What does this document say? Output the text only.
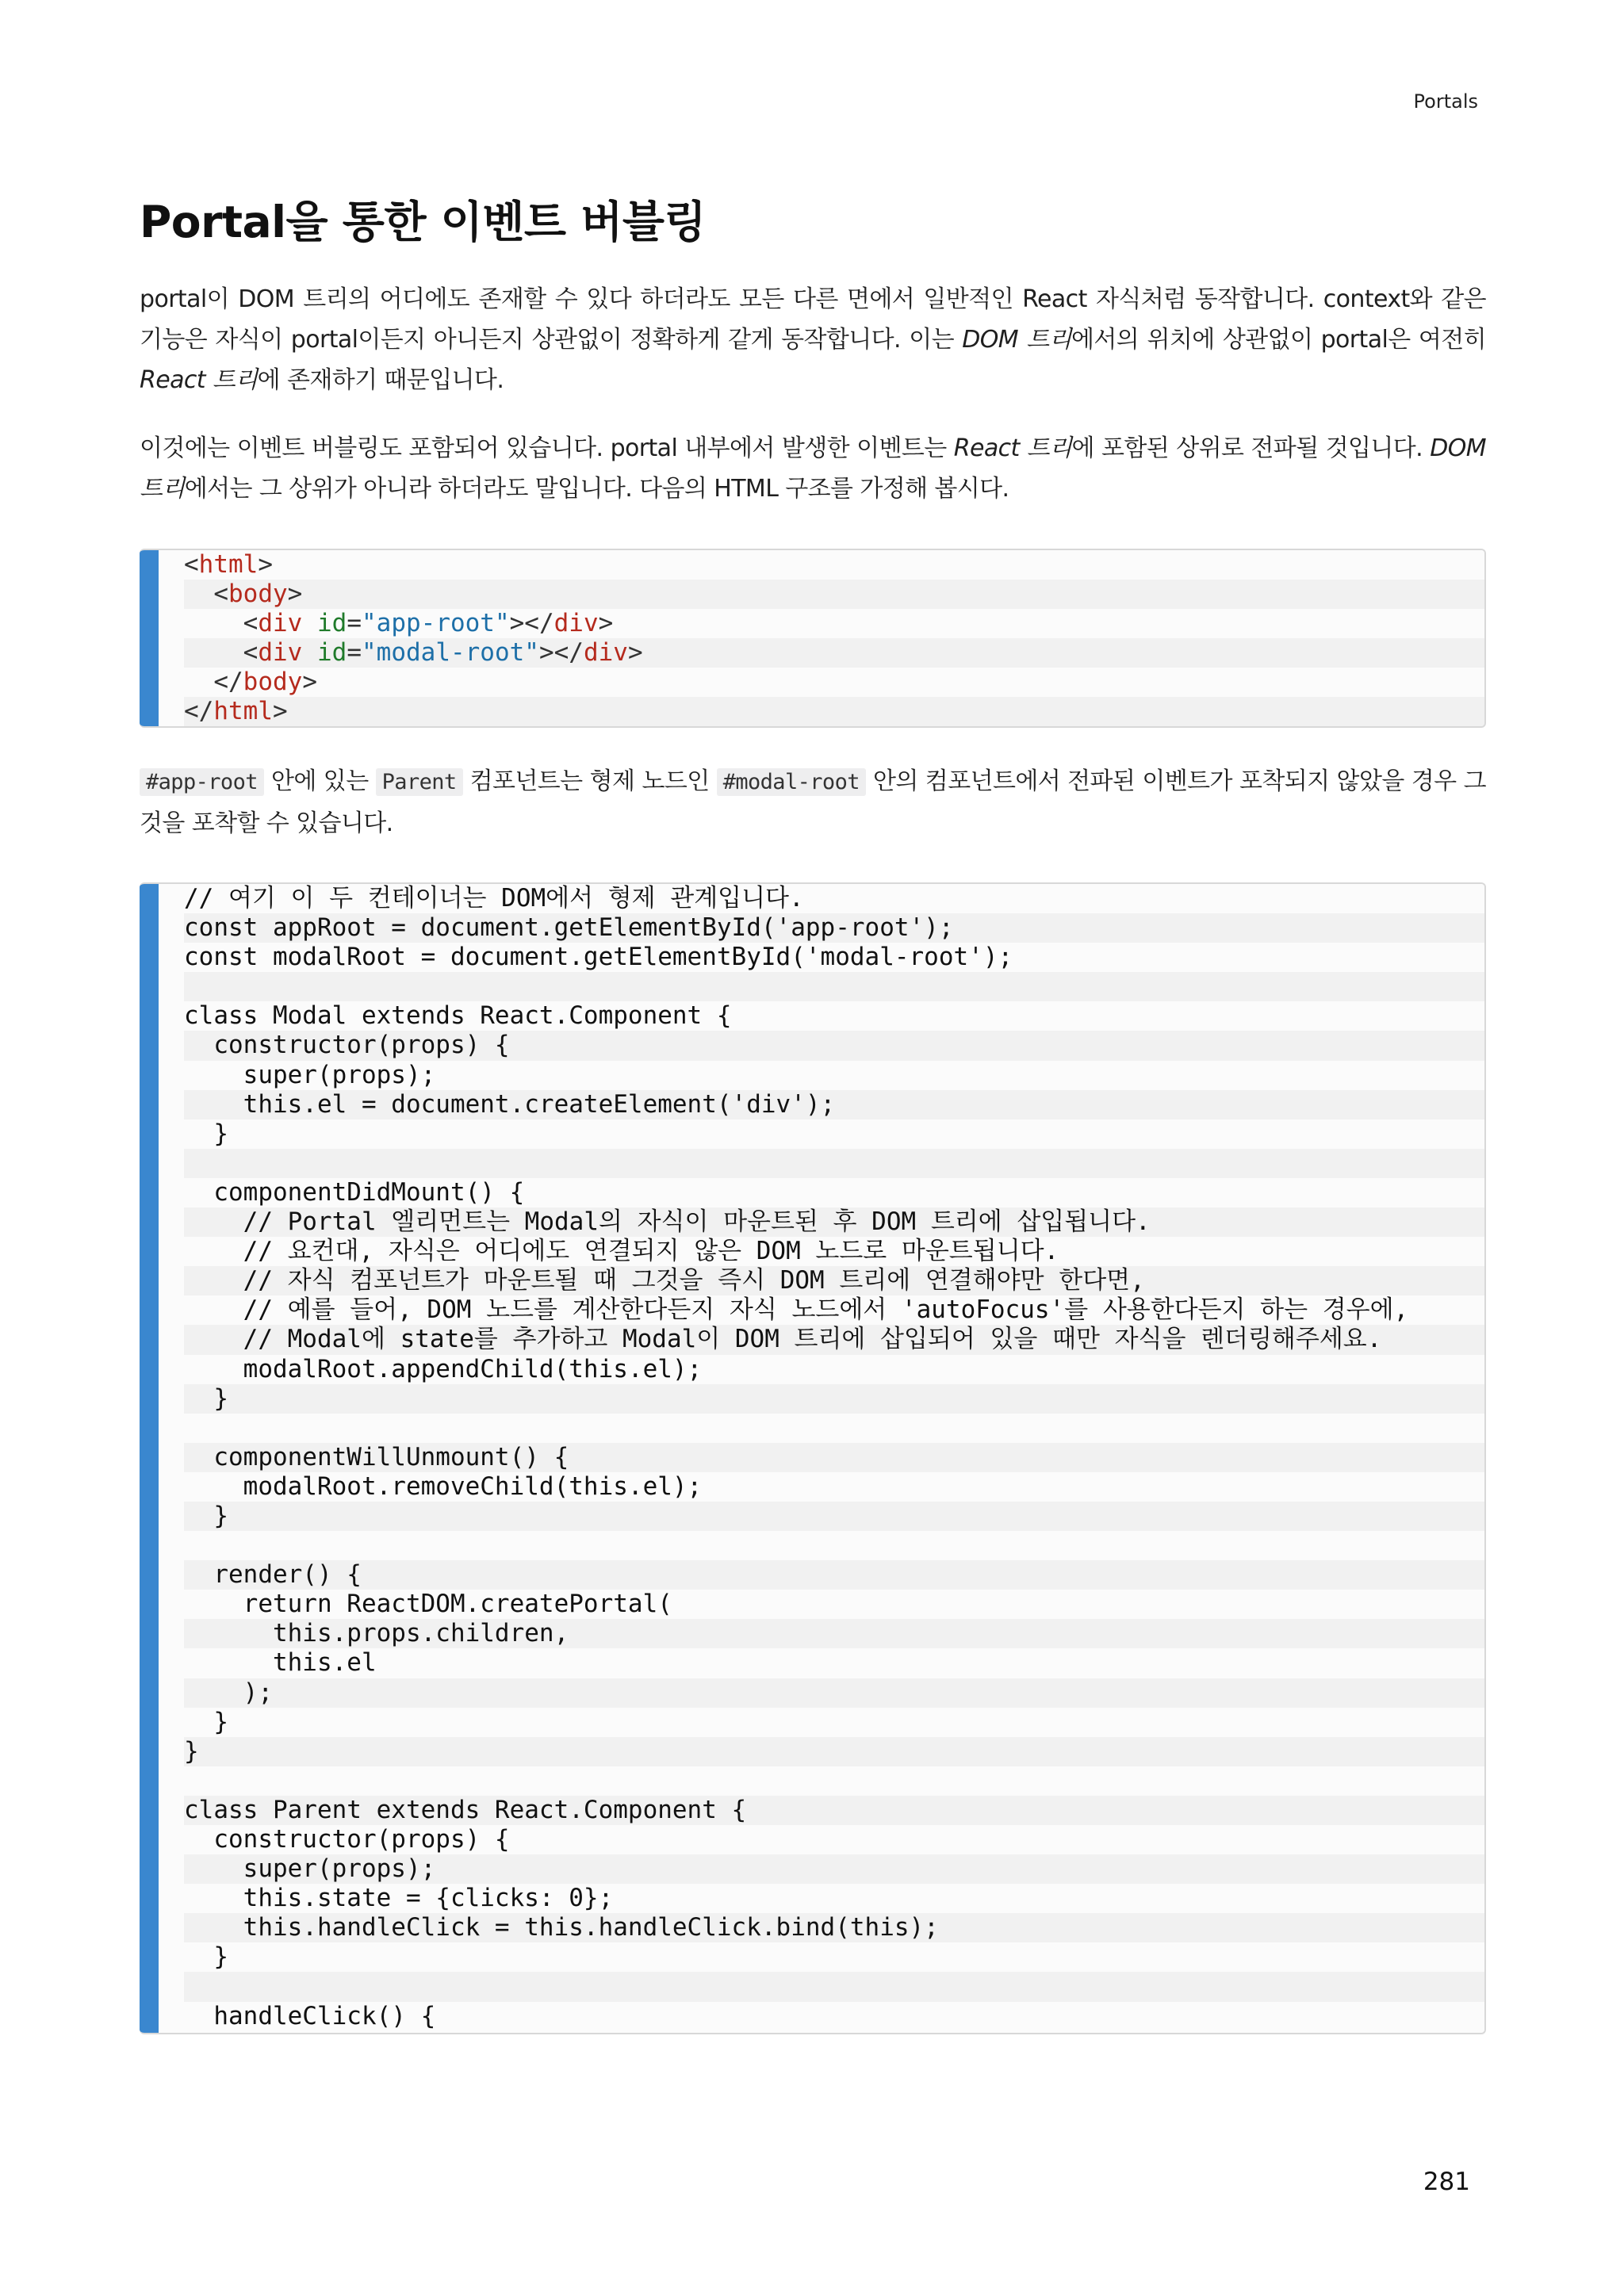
Portals
Portal을 통한 이벤트 버블링

portal이 DOM 트리의 어디에도 존재할 수 있다 하더라도 모든 다른 면에서 일반적인 React 자식처럼 동작합니다. context와 같은 기능은 자식이 portal이든지 아니든지 상관없이 정확하게 같게 동작합니다. 이는 DOM 트리에서의 위치에 상관없이 portal은 여전히 React 트리에 존재하기 때문입니다.

이것에는 이벤트 버블링도 포함되어 있습니다. portal 내부에서 발생한 이벤트는 React 트리에 포함된 상위로 전파될 것입니다. DOM 트리에서는 그 상위가 아니라 하더라도 말입니다. 다음의 HTML 구조를 가정해 봅시다.

<html>
<body>
<div id="app-root"></div>
<div id="modal-root"></div>
</body>
</html>

#app-root 안에 있는 Parent 컴포넌트는 형제 노드인 #modal-root 안의 컴포넌트에서 전파된 이벤트가 포착되지 않았을 경우 그것을 포착할 수 있습니다.

// 여기 이 두 컨테이너는 DOM에서 형제 관계입니다.
const appRoot = document.getElementById('app-root');
const modalRoot = document.getElementById('modal-root');
class Modal extends React.Component {
constructor(props) {
super(props);
this.el = document.createElement('div');
}
componentDidMount() {
// Portal 엘리먼트는 Modal의 자식이 마운트된 후 DOM 트리에 삽입됩니다.
// 요컨대, 자식은 어디에도 연결되지 않은 DOM 노드로 마운트됩니다.
// 자식 컴포넌트가 마운트될 때 그것을 즉시 DOM 트리에 연결해야만 한다면,
// 예를 들어, DOM 노드를 계산한다든지 자식 노드에서 'autoFocus'를 사용한다든지 하는 경우에,
// Modal에 state를 추가하고 Modal이 DOM 트리에 삽입되어 있을 때만 자식을 렌더링해주세요.
modalRoot.appendChild(this.el);
}
componentWillUnmount() {
modalRoot.removeChild(this.el);
}
render() {
return ReactDOM.createPortal(
this.props.children,
this.el
);
}
}
class Parent extends React.Component {
constructor(props) {
super(props);
this.state = {clicks: 0};
this.handleClick = this.handleClick.bind(this);
}
handleClick() {
281
